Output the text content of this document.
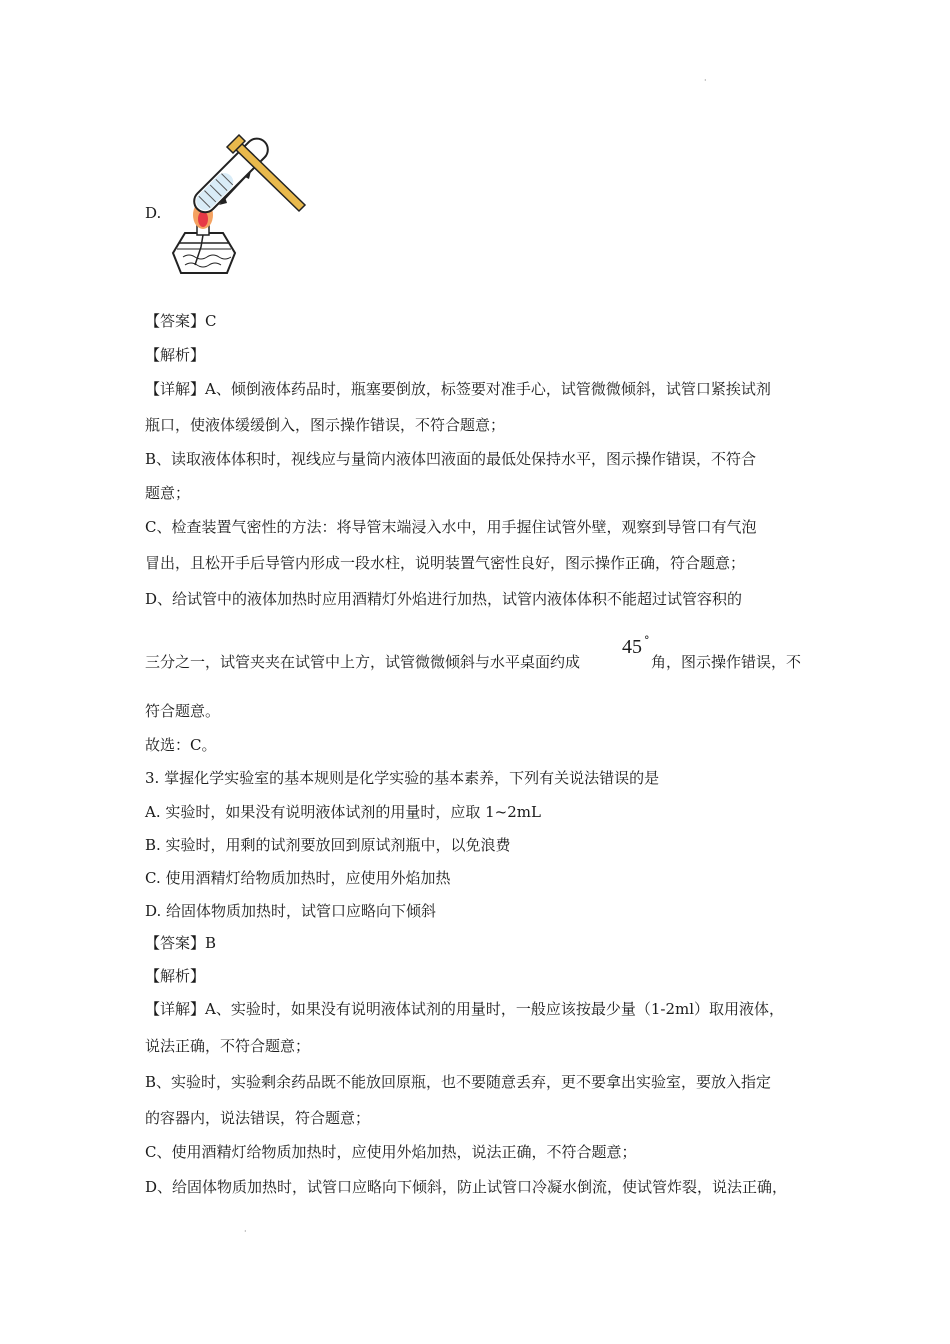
·
D.
【答案】C
【解析】
【详解】A、倾倒液体药品时，瓶塞要倒放，标签要对准手心，试管微微倾斜，试管口紧挨试剂
瓶口，使液体缓缓倒入，图示操作错误，不符合题意；
B、读取液体体积时，视线应与量筒内液体凹液面的最低处保持水平，图示操作错误，不符合
题意；
C、检查装置气密性的方法：将导管末端浸入水中，用手握住试管外壁，观察到导管口有气泡
冒出，且松开手后导管内形成一段水柱，说明装置气密性良好，图示操作正确，符合题意；
D、给试管中的液体加热时应用酒精灯外焰进行加热，试管内液体体积不能超过试管容积的
三分之一，试管夹夹在试管中上方，试管微微倾斜与水平桌面约成
45 °
角，图示操作错误，不
符合题意。
故选：C。
3. 掌握化学实验室的基本规则是化学实验的基本素养，下列有关说法错误的是
A. 实验时，如果没有说明液体试剂的用量时，应取 1~2mL
B. 实验时，用剩的试剂要放回到原试剂瓶中，以免浪费
C. 使用酒精灯给物质加热时，应使用外焰加热
D. 给固体物质加热时，试管口应略向下倾斜
【答案】B
【解析】
【详解】A、实验时，如果没有说明液体试剂的用量时，一般应该按最少量（1-2ml）取用液体，
说法正确，不符合题意；
B、实验时，实验剩余药品既不能放回原瓶，也不要随意丢弃，更不要拿出实验室，要放入指定
的容器内，说法错误，符合题意；
C、使用酒精灯给物质加热时，应使用外焰加热，说法正确，不符合题意；
D、给固体物质加热时，试管口应略向下倾斜，防止试管口冷凝水倒流，使试管炸裂，说法正确，
·
